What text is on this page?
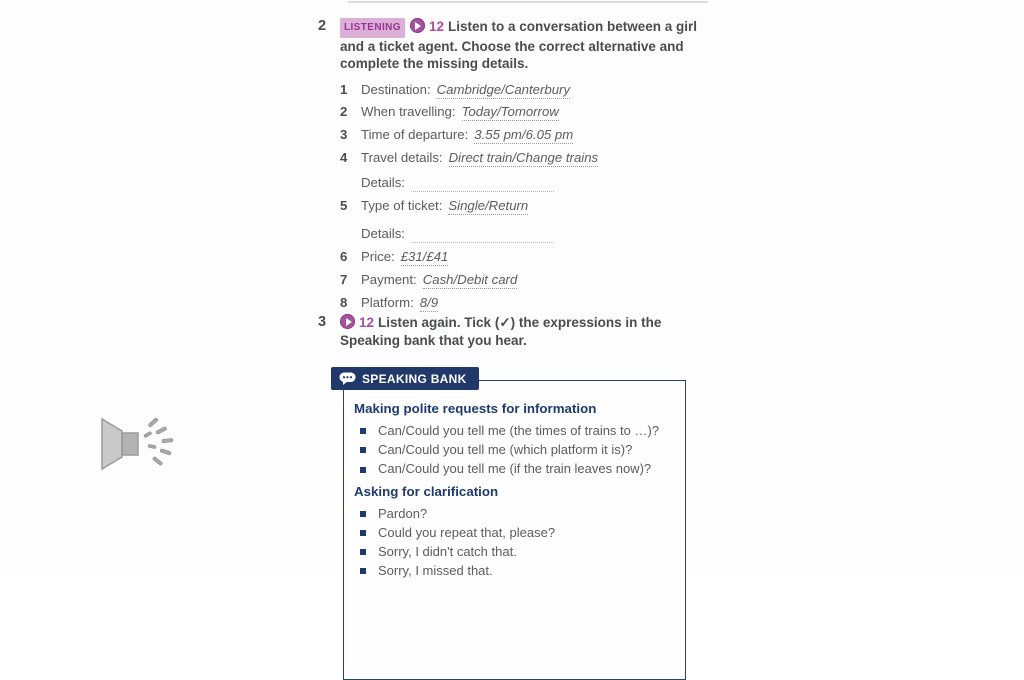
2	LISTENING 12 Listen to a conversation between a girl and a ticket agent. Choose the correct alternative and complete the missing details.

1	Destination: Cambridge/Canterbury
2	When travelling: Today/Tomorrow
3	Time of departure: 3.55 pm/6.05 pm
4	Travel details: Direct train/Change trains
Details:
5	Type of ticket: Single/Return
Details:
6	Price: £31/£41
7	Payment: Cash/Debit card
8	Platform: 8/9
3	12 Listen again. Tick (✓) the expressions in the Speaking bank that you hear.

SPEAKING BANK
Making polite requests for information
Can/Could you tell me (the times of trains to …)?
Can/Could you tell me (which platform it is)?
Can/Could you tell me (if the train leaves now)?
Asking for clarification
Pardon?
Could you repeat that, please?
Sorry, I didn't catch that.
Sorry, I missed that.
